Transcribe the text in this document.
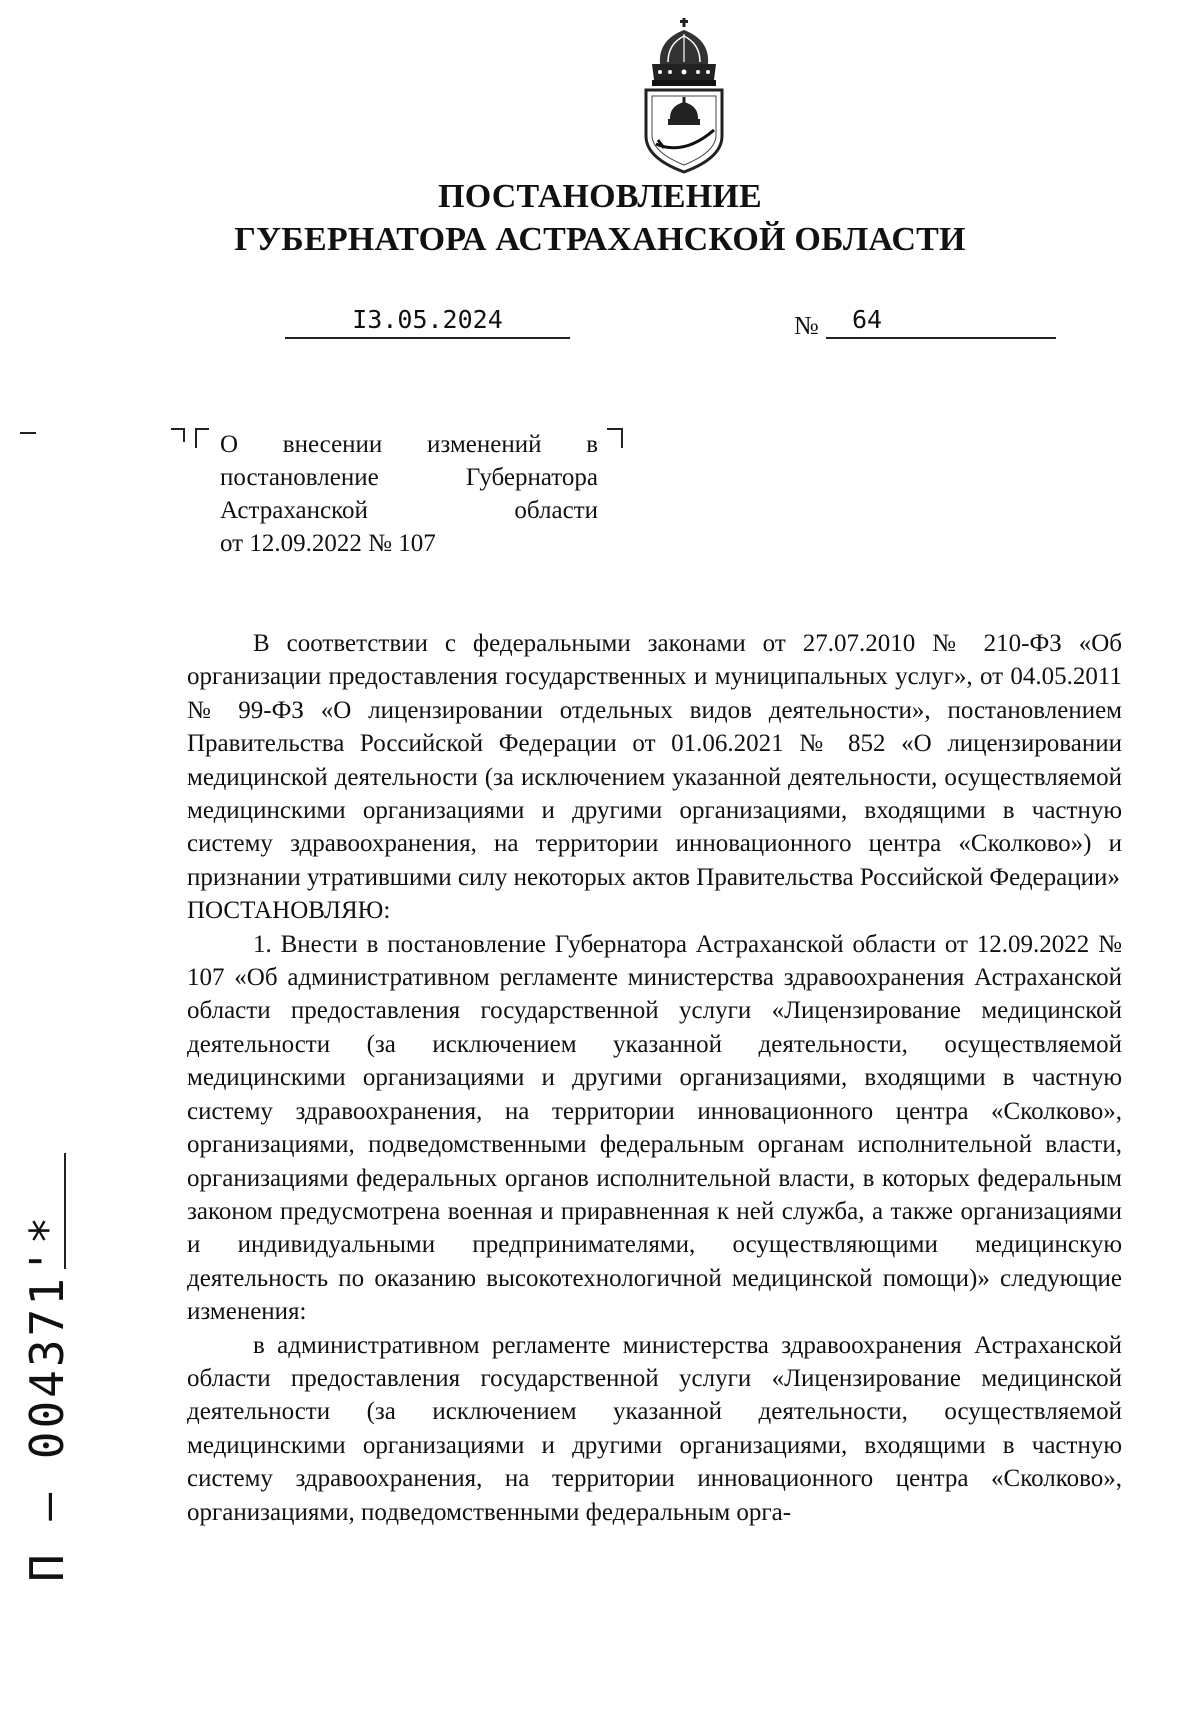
ПОСТАНОВЛЕНИЕ
ГУБЕРНАТОРА АСТРАХАНСКОЙ ОБЛАСТИ
I3.05.2024	№	64
О внесении изменений в
постановление Губернатора
Астраханской области
от 12.09.2022 № 107

В соответствии с федеральными законами от 27.07.2010 № 210-ФЗ «Об организации предоставления государственных и муниципальных услуг», от 04.05.2011 № 99-ФЗ «О лицензировании отдельных видов деятельности», постановлением Правительства Российской Федерации от 01.06.2021 № 852 «О лицензировании медицинской деятельности (за исключением указанной деятельности, осуществляемой медицинскими организациями и другими организациями, входящими в частную систему здравоохранения, на территории инновационного центра «Сколково») и признании утратившими силу некоторых актов Правительства Российской Федерации»

ПОСТАНОВЛЯЮ:

1. Внести в постановление Губернатора Астраханской области от 12.09.2022 № 107 «Об административном регламенте министерства здравоохранения Астраханской области предоставления государственной услуги «Лицензирование медицинской деятельности (за исключением указанной деятельности, осуществляемой медицинскими организациями и другими организациями, входящими в частную систему здравоохранения, на территории инновационного центра «Сколково», организациями, подведомственными федеральным органам исполнительной власти, организациями федеральных органов исполнительной власти, в которых федеральным законом предусмотрена военная и приравненная к ней служба, а также организациями и индивидуальными предпринимателями, осуществляющими медицинскую деятельность по оказанию высокотехнологичной медицинской помощи)» следующие изменения:

в административном регламенте министерства здравоохранения Астраханской области предоставления государственной услуги «Лицензирование медицинской деятельности (за исключением указанной деятельности, осуществляемой медицинскими организациями и другими организациями, входящими в частную систему здравоохранения, на территории инновационного центра «Сколково», организациями, подведомственными федеральным орга-

П – 004371'*
